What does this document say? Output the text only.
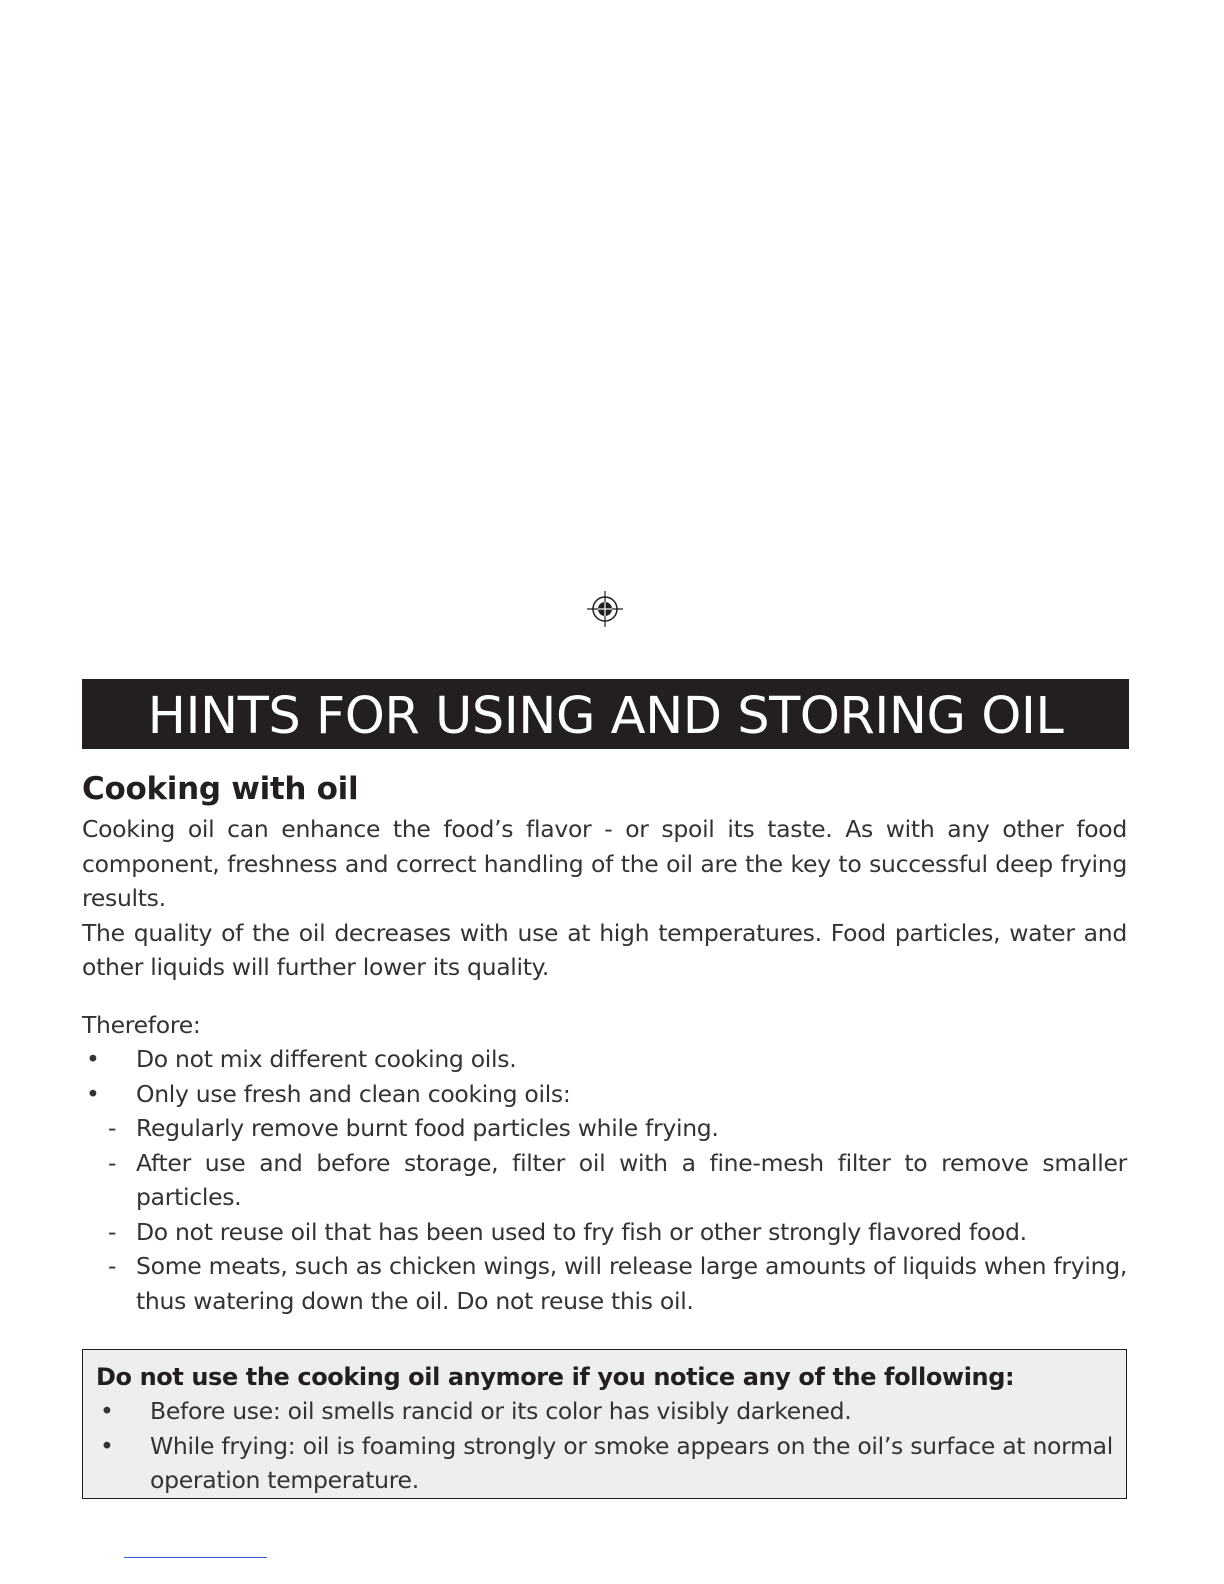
HINTS FOR USING AND STORING OIL
Cooking with oil

Cooking oil can enhance the food’s flavor - or spoil its taste. As with any other food component, freshness and correct handling of the oil are the key to successful deep frying results.

The quality of the oil decreases with use at high temperatures. Food particles, water and other liquids will further lower its quality.

Therefore:

• Do not mix different cooking oils.
• Only use fresh and clean cooking oils:
- Regularly remove burnt food particles while frying.
- After use and before storage, filter oil with a fine-mesh filter to remove smaller particles.
- Do not reuse oil that has been used to fry fish or other strongly flavored food.
- Some meats, such as chicken wings, will release large amounts of liquids when frying, thus watering down the oil. Do not reuse this oil.

Do not use the cooking oil anymore if you notice any of the following:

• Before use: oil smells rancid or its color has visibly darkened.
• While frying: oil is foaming strongly or smoke appears on the oil’s surface at normal operation temperature.
